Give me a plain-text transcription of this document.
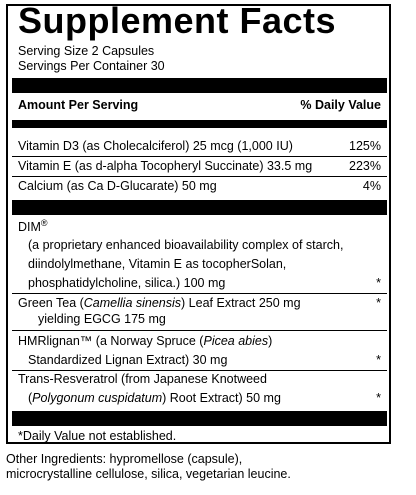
Supplement Facts
Serving Size 2 Capsules
Servings Per Container 30
Amount Per Serving	% Daily Value
Vitamin D3 (as Cholecalciferol) 25 mcg (1,000 IU)	125%
Vitamin E (as d-alpha Tocopheryl Succinate) 33.5 mg	223%
Calcium (as Ca D-Glucarate) 50 mg	4%
DIM®
(a proprietary enhanced bioavailability complex of starch,
diindolylmethane, Vitamin E as tocopherSolan,
phosphatidylcholine, silica.) 100 mg	*
Green Tea (Camellia sinensis) Leaf Extract 250 mg	*
yielding EGCG 175 mg
HMRlignan™ (a Norway Spruce (Picea abies)
Standardized Lignan Extract) 30 mg	*
Trans-Resveratrol (from Japanese Knotweed
(Polygonum cuspidatum) Root Extract) 50 mg	*
*Daily Value not established.
Other Ingredients: hypromellose (capsule),
microcrystalline cellulose, silica, vegetarian leucine.
